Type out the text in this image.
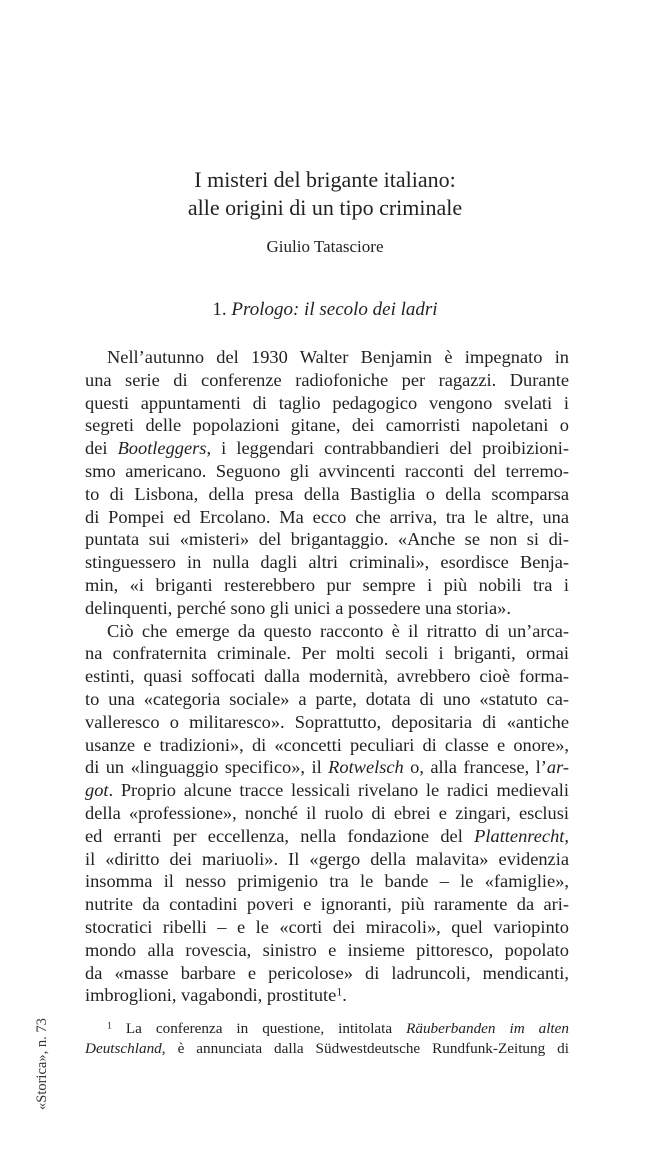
I misteri del brigante italiano:
alle origini di un tipo criminale

Giulio Tatasciore

1. Prologo: il secolo dei ladri
Nell’autunno del 1930 Walter Benjamin è impegnato in
una serie di conferenze radiofoniche per ragazzi. Durante
questi appuntamenti di taglio pedagogico vengono svelati i
segreti delle popolazioni gitane, dei camorristi napoletani o
dei Bootleggers, i leggendari contrabbandieri del proibizioni-
smo americano. Seguono gli avvincenti racconti del terremo-
to di Lisbona, della presa della Bastiglia o della scomparsa
di Pompei ed Ercolano. Ma ecco che arriva, tra le altre, una
puntata sui «misteri» del brigantaggio. «Anche se non si di-
stinguessero in nulla dagli altri criminali», esordisce Benja-
min, «i briganti resterebbero pur sempre i più nobili tra i
delinquenti, perché sono gli unici a possedere una storia».
Ciò che emerge da questo racconto è il ritratto di un’arca-
na confraternita criminale. Per molti secoli i briganti, ormai
estinti, quasi soffocati dalla modernità, avrebbero cioè forma-
to una «categoria sociale» a parte, dotata di uno «statuto ca-
valleresco o militaresco». Soprattutto, depositaria di «antiche
usanze e tradizioni», di «concetti peculiari di classe e onore»,
di un «linguaggio specifico», il Rotwelsch o, alla francese, l’ar-
got. Proprio alcune tracce lessicali rivelano le radici medievali
della «professione», nonché il ruolo di ebrei e zingari, esclusi
ed erranti per eccellenza, nella fondazione del Plattenrecht,
il «diritto dei mariuoli». Il «gergo della malavita» evidenzia
insomma il nesso primigenio tra le bande – le «famiglie»,
nutrite da contadini poveri e ignoranti, più raramente da ari-
stocratici ribelli – e le «corti dei miracoli», quel variopinto
mondo alla rovescia, sinistro e insieme pittoresco, popolato
da «masse barbare e pericolose» di ladruncoli, mendicanti,
imbroglioni, vagabondi, prostitute$^1$.
$^1$ La conferenza in questione, intitolata Räuberbanden im alten
Deutschland, è annunciata dalla Südwestdeutsche Rundfunk-Zeitung di
«Storica», n. 73
